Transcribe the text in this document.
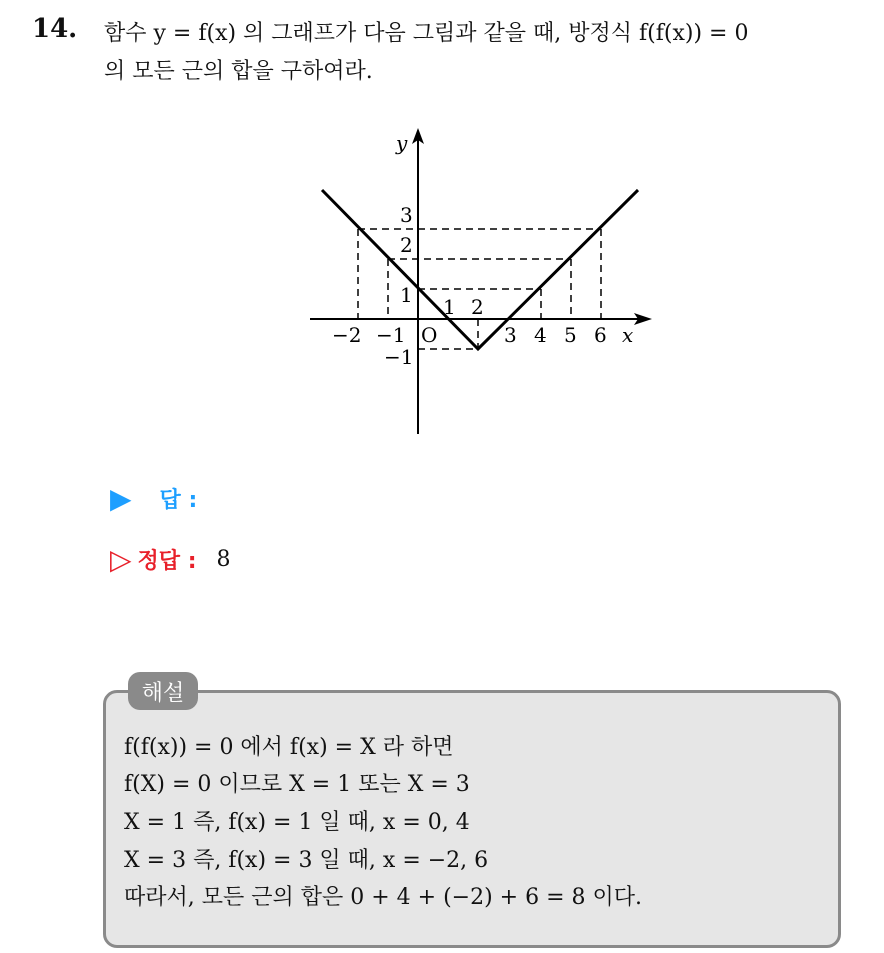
14. 함수 y = f(x) 의 그래프가 다음 그림과 같을 때, 방정식 f(f(x)) = 0
의 모든 근의 합을 구하여라.
y
x
O
−2 −1
1 2
3 4 5 6
3
2
1
−1
▶ 답 :
▷ 정답 : 8
해설
f(f(x)) = 0 에서 f(x) = X 라 하면
f(X) = 0 이므로 X = 1 또는 X = 3
X = 1 즉, f(x) = 1 일 때, x = 0, 4
X = 3 즉, f(x) = 3 일 때, x = −2, 6
따라서, 모든 근의 합은 0 + 4 + (−2) + 6 = 8 이다.
